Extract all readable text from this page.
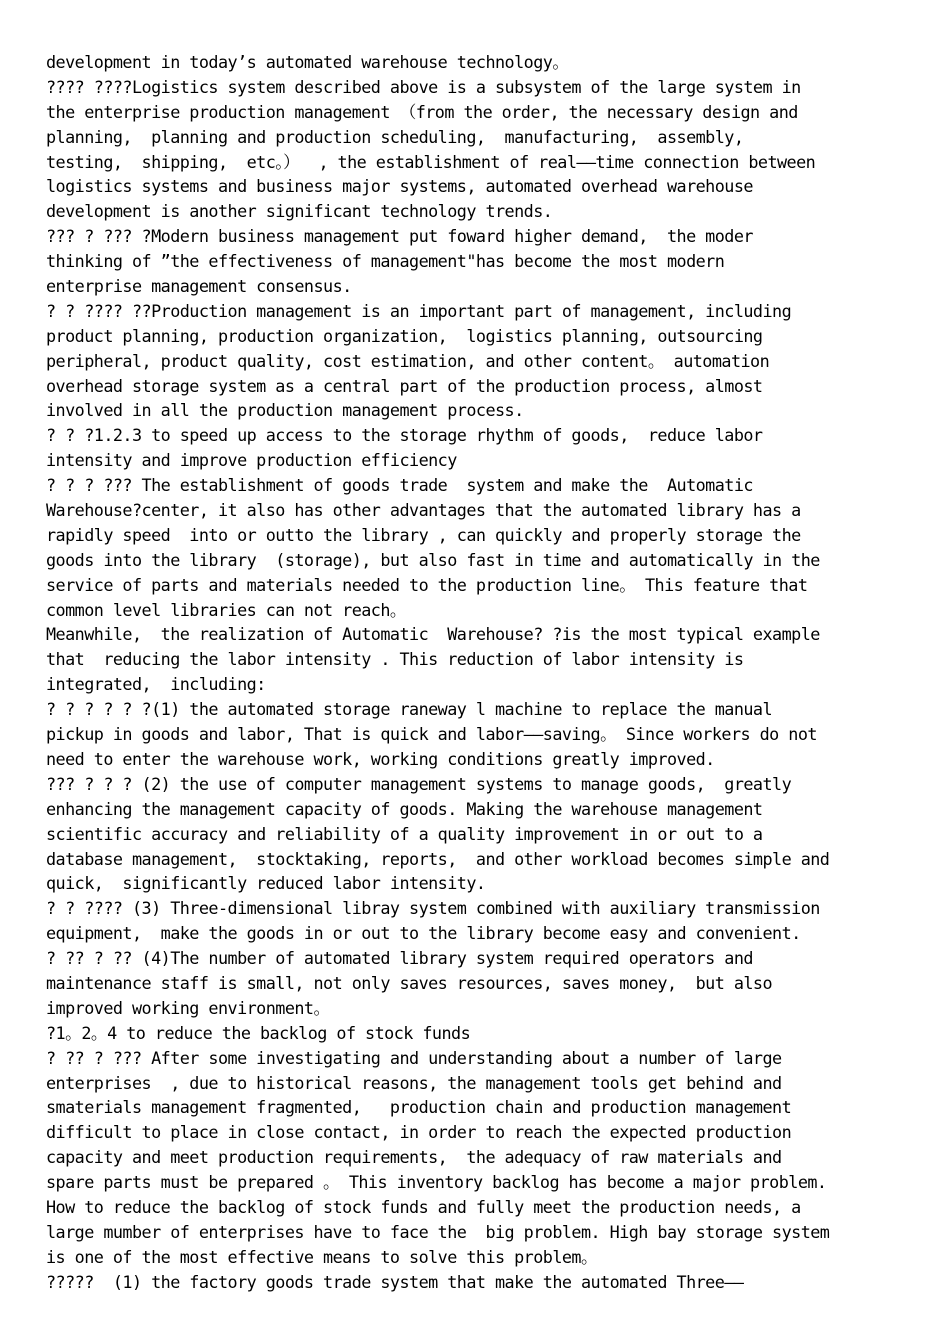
development in today’s automated warehouse technology。
???? ????Logistics system described above is a subsystem of the large system in
the enterprise production management （from the order, the necessary design and
planning,  planning and production scheduling,  manufacturing,  assembly,
testing,  shipping,  etc。）  , the establishment of real——time connection between
logistics systems and business major systems, automated overhead warehouse
development is another significant technology trends.
??? ? ??? ?Modern business management put foward higher demand,  the moder
thinking of ”the effectiveness of management"has become the most modern
enterprise management consensus.
? ? ???? ??Production management is an important part of management, including
product planning, production organization,  logistics planning, outsourcing
peripheral, product quality, cost estimation, and other content。 automation
overhead storage system as a central part of the production process, almost
involved in all the production management process.
? ? ?1.2.3 to speed up access to the storage rhythm of goods,  reduce labor
intensity and improve production efficiency
? ? ? ??? The establishment of goods trade  system and make the  Automatic
Warehouse?center, it also has other advantages that the automated library has a
rapidly speed  into or outto the library , can quickly and properly storage the
goods into the library  (storage), but also fast in time and automatically in the
service of parts and materials needed to the production line。 This feature that
common level libraries can not reach。
Meanwhile,  the realization of Automatic  Warehouse? ?is the most typical example
that  reducing the labor intensity . This reduction of labor intensity is
integrated,  including:
? ? ? ? ? ?(1) the automated storage raneway l machine to replace the manual
pickup in goods and labor, That is quick and labor——saving。 Since workers do not
need to enter the warehouse work, working conditions greatly improved.
??? ? ? ? (2) the use of computer management systems to manage goods,  greatly
enhancing the management capacity of goods. Making the warehouse management
scientific accuracy and reliability of a quality improvement in or out to a
database management,  stocktaking, reports,  and other workload becomes simple and
quick,  significantly reduced labor intensity.
? ? ???? (3) Three-dimensional libray system combined with auxiliary transmission
equipment,  make the goods in or out to the library become easy and convenient.
? ?? ? ?? (4)The number of automated library system required operators and
maintenance staff is small, not only saves resources, saves money,  but also
improved working environment。
?1。2。4 to reduce the backlog of stock funds
? ?? ? ??? After some investigating and understanding about a number of large
enterprises  , due to historical reasons, the management tools get behind and
smaterials management fragmented,   production chain and production management
difficult to place in close contact, in order to reach the expected production
capacity and meet production requirements,  the adequacy of raw materials and
spare parts must be prepared 。 This inventory backlog has become a major problem.
How to reduce the backlog of stock funds and fully meet the production needs, a
large mumber of enterprises have to face the  big problem. High bay storage system
is one of the most effective means to solve this problem。
?????  (1) the factory goods trade system that make the automated Three——
